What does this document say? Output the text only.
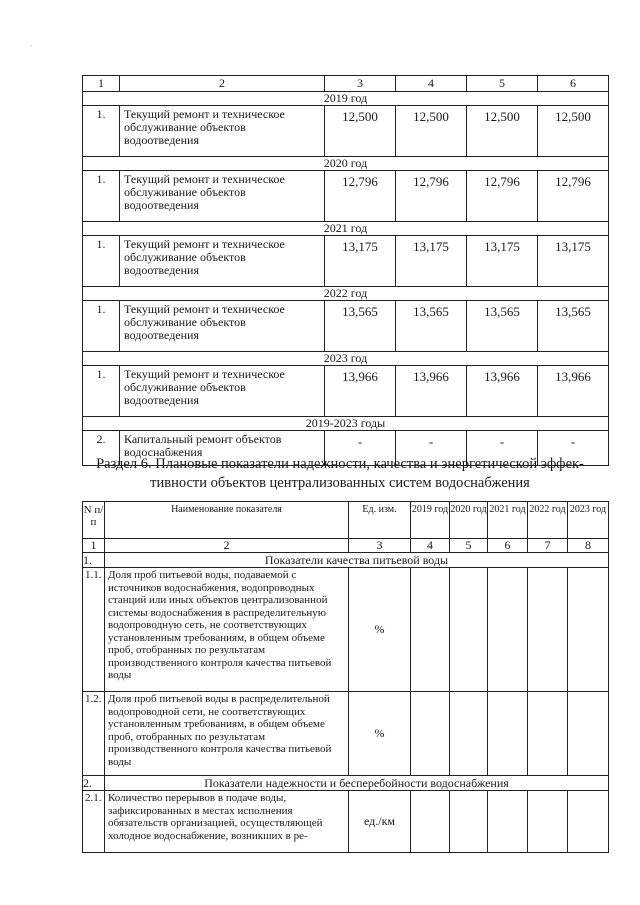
·
1	2	3	4	5	6
2019 год					
1.	Текущий ремонт и техническое обслуживание объектов водоотведения	12,500	12,500	12,500	12,500
2020 год					
1.	Текущий ремонт и техническое обслуживание объектов водоотведения	12,796	12,796	12,796	12,796
2021 год					
1.	Текущий ремонт и техническое обслуживание объектов водоотведения	13,175	13,175	13,175	13,175
2022 год					
1.	Текущий ремонт и техническое обслуживание объектов водоотведения	13,565	13,565	13,565	13,565
2023 год					
1.	Текущий ремонт и техническое обслуживание объектов водоотведения	13,966	13,966	13,966	13,966
2019-2023 годы					
2.	Капитальный ремонт объектов водоснабжения	-	-	-	-
Раздел 6. Плановые показатели надежности, качества и энергетической эффек-
тивности объектов централизованных систем водоснабжения
N п/п	Наименование показателя	Ед. изм.	2019 год	2020 год	2021 год	2022 год	2023 год
1	2	3	4	5	6	7	8
1.	Показатели качества питьевой воды						
1.1.	Доля проб питьевой воды, подаваемой с источников водоснабжения, водопроводных станций или иных объектов централизованной системы водоснабжения в распределительную водопроводную сеть, не соответствующих установленным требованиям, в общем объеме проб, отобранных по результатам производственного контроля качества питьевой воды	%					
1.2.	Доля проб питьевой воды в распределительной водопроводной сети, не соответствующих установленным требованиям, в общем объеме проб, отобранных по результатам производственного контроля качества питьевой воды	%					
2.	Показатели надежности и бесперебойности водоснабжения						
2.1.	Количество перерывов в подаче воды, зафиксированных в местах исполнения обязательств организацией, осуществляющей холодное водоснабжение, возникших в ре-	ед./км					
